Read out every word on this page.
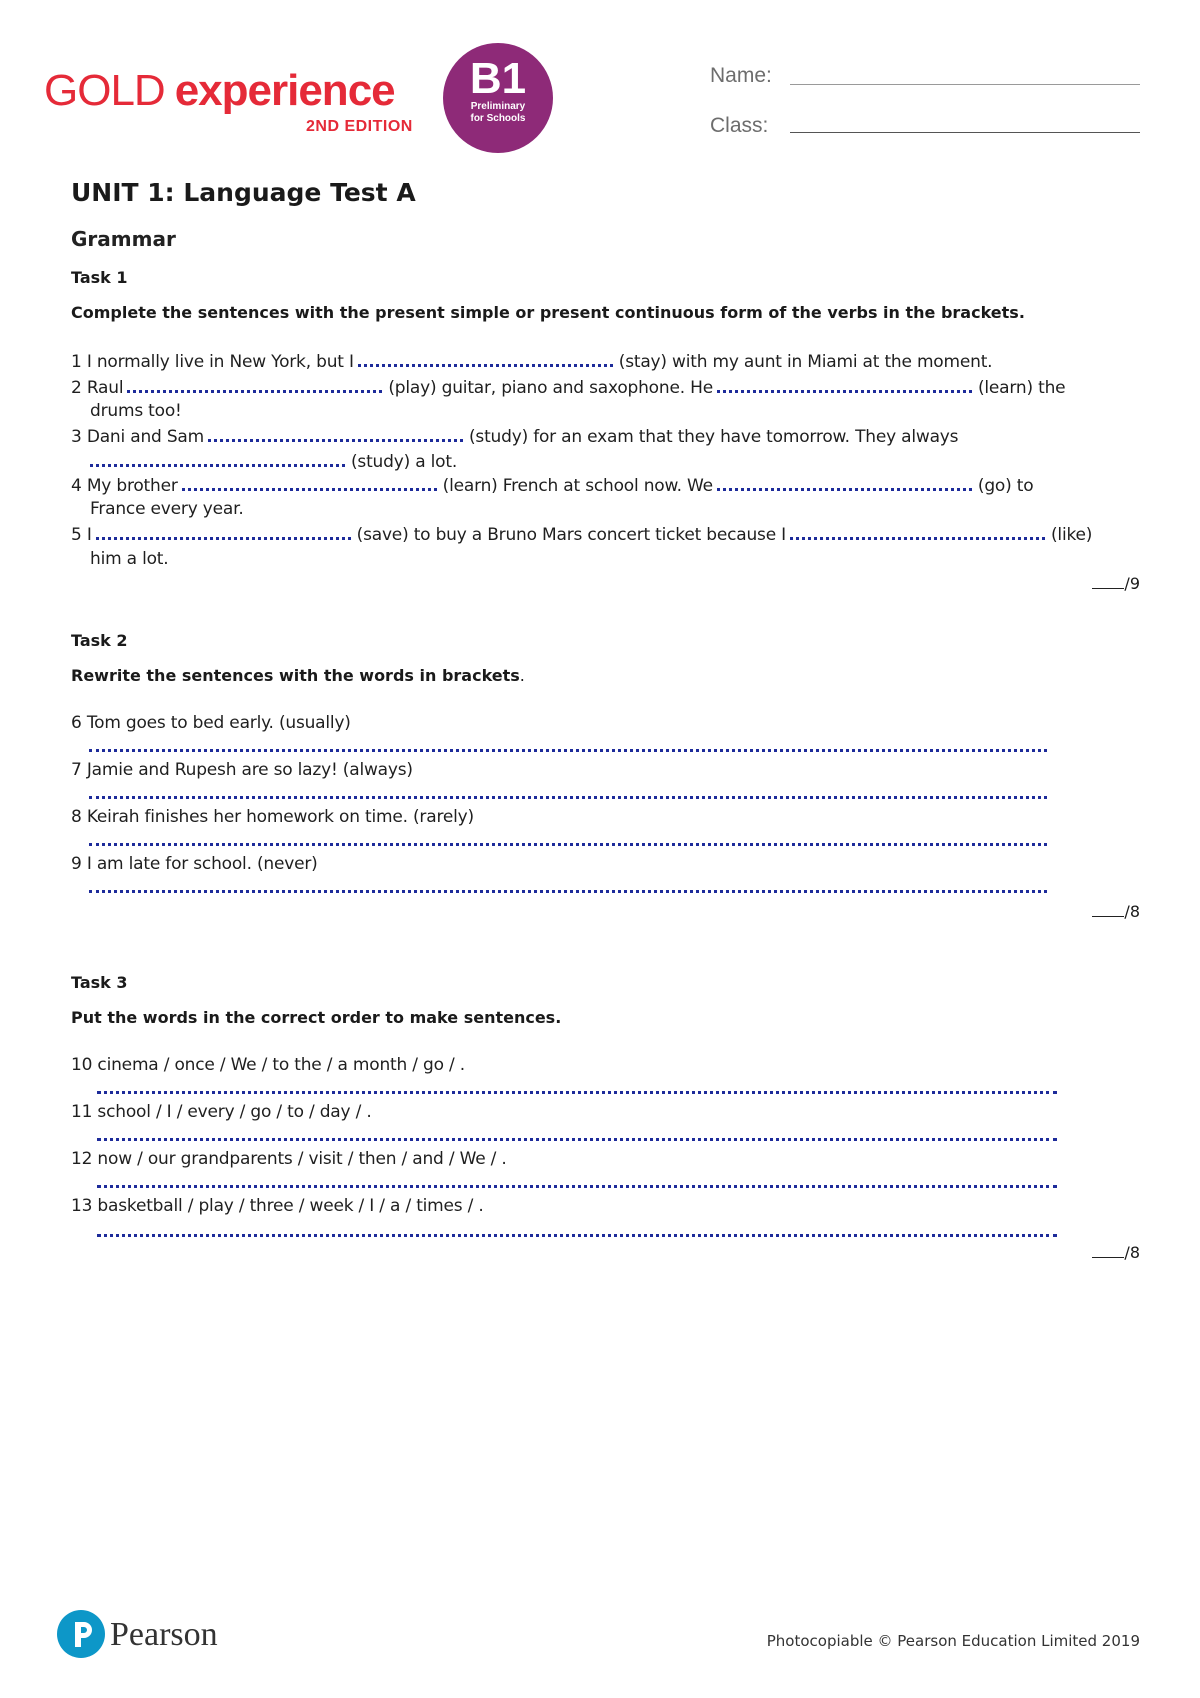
GOLD experience
2ND EDITION
B1
Preliminary
for Schools
Name:
Class:
UNIT 1: Language Test A
Grammar
Task 1
Complete the sentences with the present simple or present continuous form of the verbs in the brackets.
1 I normally live in New York, but I	(stay) with my aunt in Miami at the moment.
2 Raul	(play) guitar, piano and saxophone. He	(learn) the
drums too!
3 Dani and Sam	(study) for an exam that they have tomorrow. They always
(study) a lot.
4 My brother	(learn) French at school now. We	(go) to
France every year.
5 I	(save) to buy a Bruno Mars concert ticket because I	(like)
him a lot.
/9
Task 2
Rewrite the sentences with the words in brackets.
6 Tom goes to bed early. (usually)
7 Jamie and Rupesh are so lazy! (always)
8 Keirah finishes her homework on time. (rarely)
9 I am late for school. (never)
/8
Task 3
Put the words in the correct order to make sentences.
10 cinema / once / We / to the / a month / go / .
11 school / I / every / go / to / day / .
12 now / our grandparents / visit / then / and / We / .
13 basketball / play / three / week / I / a / times / .
/8
Pearson	Photocopiable © Pearson Education Limited 2019
